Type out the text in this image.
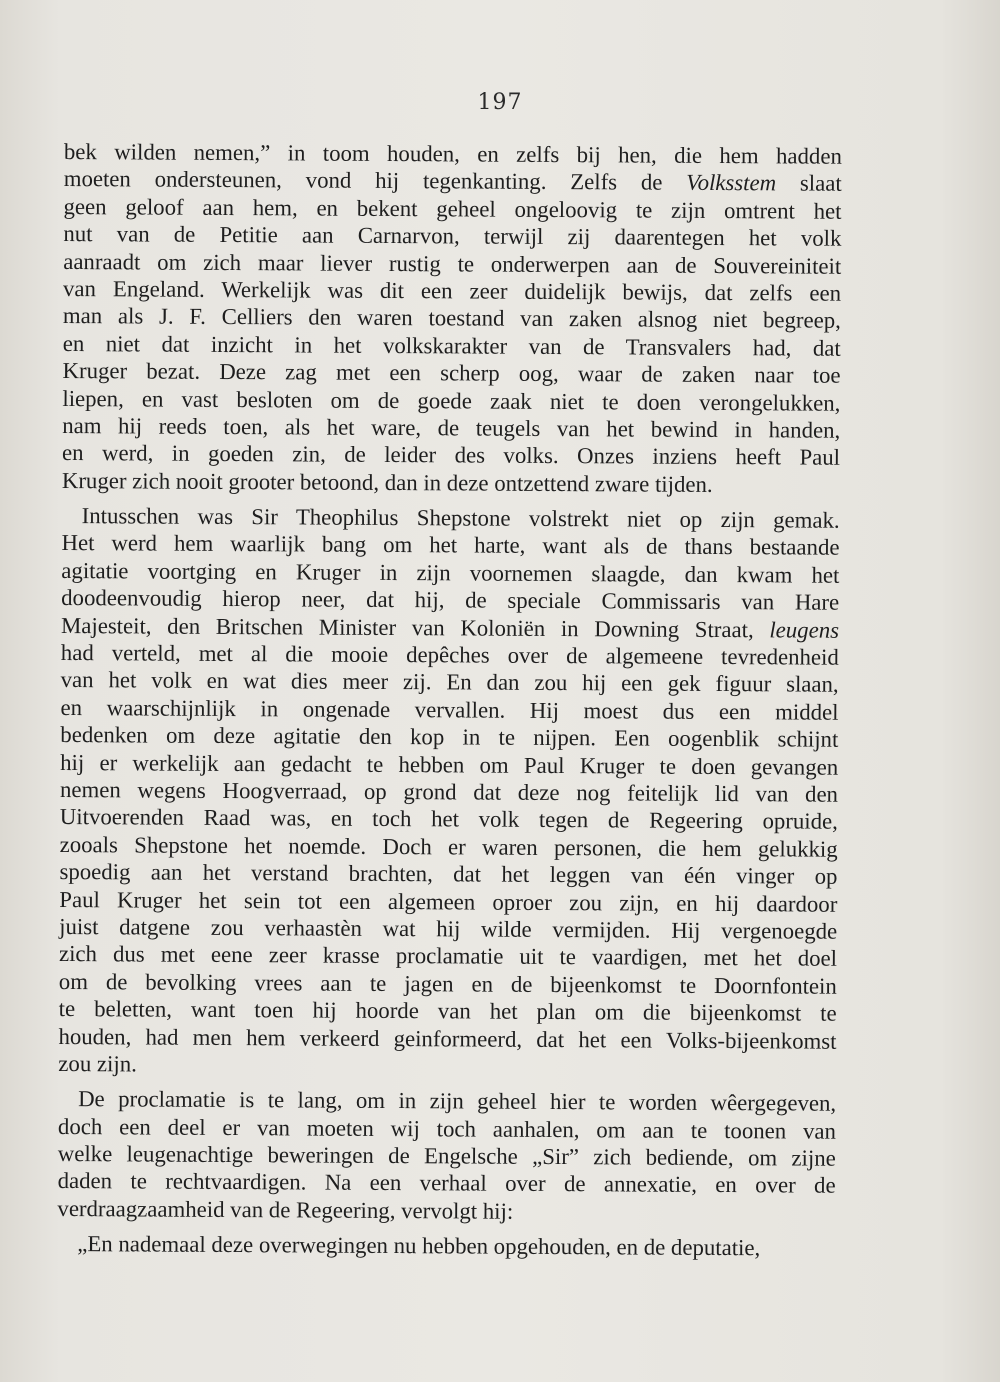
197
bek wilden nemen,” in toom houden, en zelfs bij hen, die hem hadden
moeten ondersteunen, vond hij tegenkanting. Zelfs de Volksstem slaat
geen geloof aan hem, en bekent geheel ongeloovig te zijn omtrent het
nut van de Petitie aan Carnarvon, terwijl zij daarentegen het volk
aanraadt om zich maar liever rustig te onderwerpen aan de Souvereiniteit
van Engeland. Werkelijk was dit een zeer duidelijk bewijs, dat zelfs een
man als J. F. Celliers den waren toestand van zaken alsnog niet begreep,
en niet dat inzicht in het volkskarakter van de Transvalers had, dat
Kruger bezat. Deze zag met een scherp oog, waar de zaken naar toe
liepen, en vast besloten om de goede zaak niet te doen verongelukken,
nam hij reeds toen, als het ware, de teugels van het bewind in handen,
en werd, in goeden zin, de leider des volks. Onzes inziens heeft Paul
Kruger zich nooit grooter betoond, dan in deze ontzettend zware tijden.
Intusschen was Sir Theophilus Shepstone volstrekt niet op zijn gemak.
Het werd hem waarlijk bang om het harte, want als de thans bestaande
agitatie voortging en Kruger in zijn voornemen slaagde, dan kwam het
doodeenvoudig hierop neer, dat hij, de speciale Commissaris van Hare
Majesteit, den Britschen Minister van Koloniën in Downing Straat, leugens
had verteld, met al die mooie depêches over de algemeene tevredenheid
van het volk en wat dies meer zij. En dan zou hij een gek figuur slaan,
en waarschijnlijk in ongenade vervallen. Hij moest dus een middel
bedenken om deze agitatie den kop in te nijpen. Een oogenblik schijnt
hij er werkelijk aan gedacht te hebben om Paul Kruger te doen gevangen
nemen wegens Hoogverraad, op grond dat deze nog feitelijk lid van den
Uitvoerenden Raad was, en toch het volk tegen de Regeering opruide,
zooals Shepstone het noemde. Doch er waren personen, die hem gelukkig
spoedig aan het verstand brachten, dat het leggen van één vinger op
Paul Kruger het sein tot een algemeen oproer zou zijn, en hij daardoor
juist datgene zou verhaastèn wat hij wilde vermijden. Hij vergenoegde
zich dus met eene zeer krasse proclamatie uit te vaardigen, met het doel
om de bevolking vrees aan te jagen en de bijeenkomst te Doornfontein
te beletten, want toen hij hoorde van het plan om die bijeenkomst te
houden, had men hem verkeerd geinformeerd, dat het een Volks-bijeenkomst
zou zijn.
De proclamatie is te lang, om in zijn geheel hier te worden wêergegeven,
doch een deel er van moeten wij toch aanhalen, om aan te toonen van
welke leugenachtige beweringen de Engelsche „Sir” zich bediende, om zijne
daden te rechtvaardigen. Na een verhaal over de annexatie, en over de
verdraagzaamheid van de Regeering, vervolgt hij:
„En nademaal deze overwegingen nu hebben opgehouden, en de deputatie,
